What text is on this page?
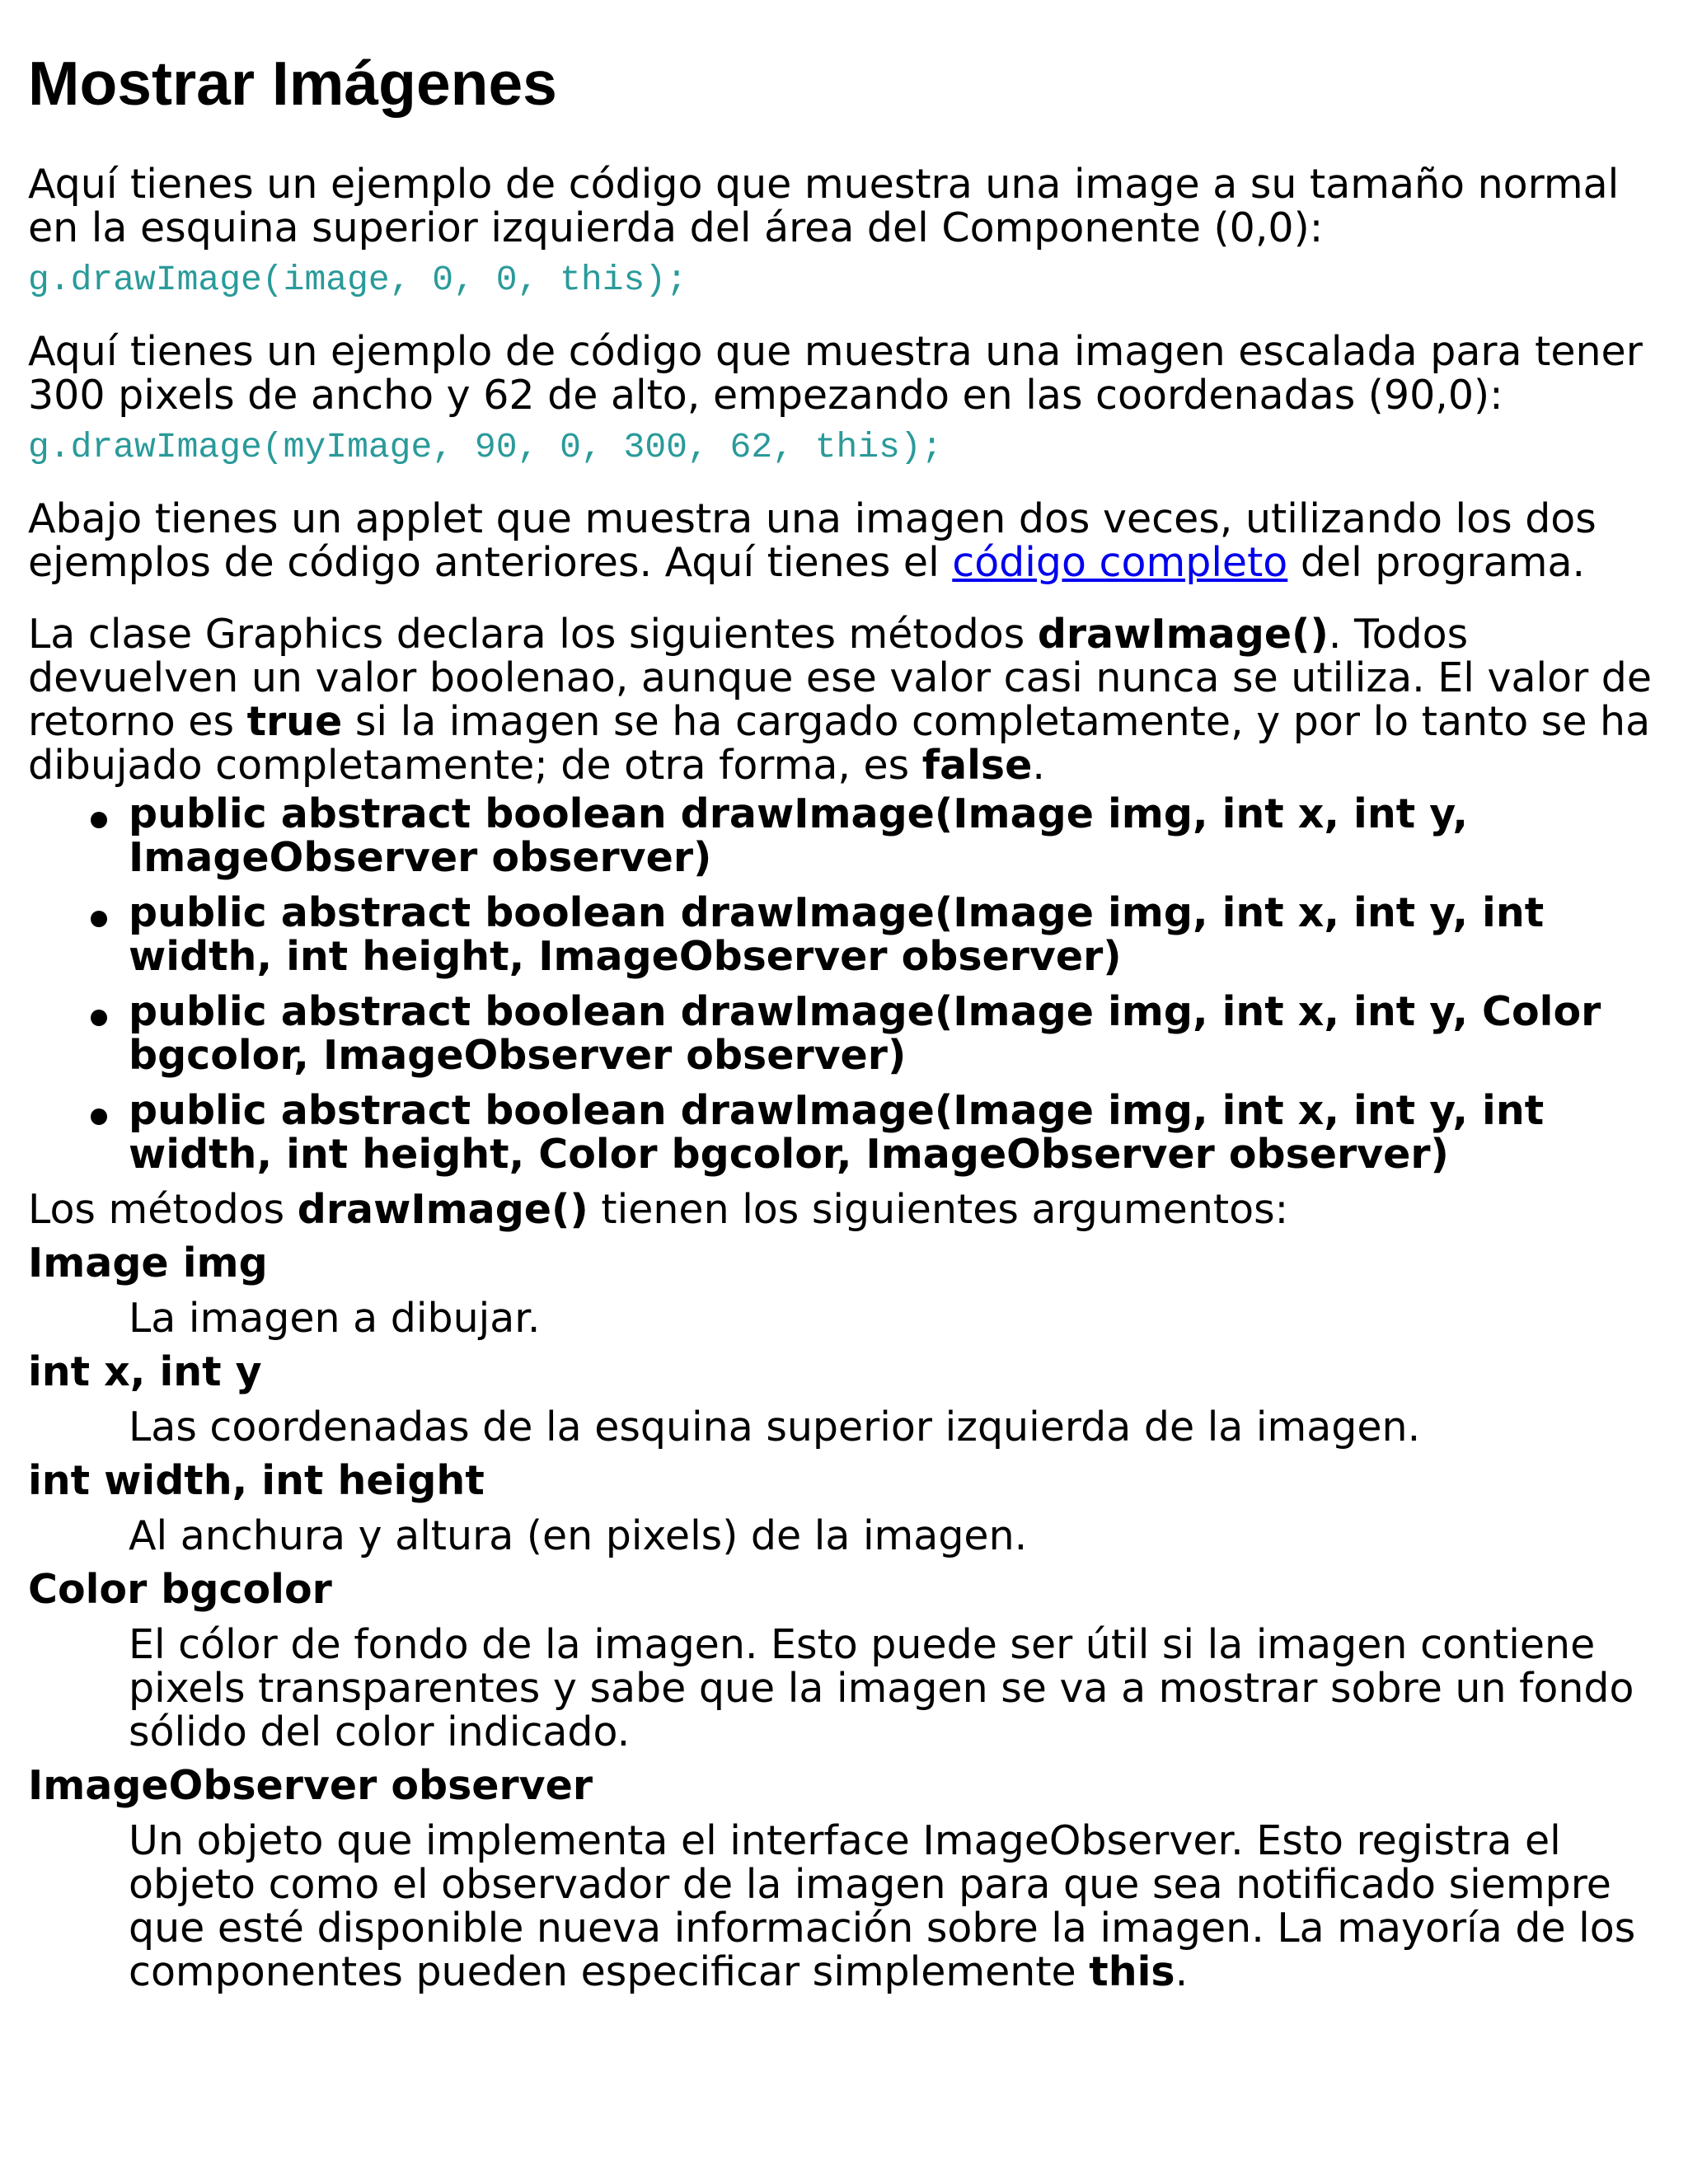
Mostrar Imágenes

Aquí tienes un ejemplo de código que muestra una image a su tamaño normal en la esquina superior izquierda del área del Componente (0,0):

g.drawImage(image, 0, 0, this);

Aquí tienes un ejemplo de código que muestra una imagen escalada para tener 300 pixels de ancho y 62 de alto, empezando en las coordenadas (90,0):

g.drawImage(myImage, 90, 0, 300, 62, this);

Abajo tienes un applet que muestra una imagen dos veces, utilizando los dos ejemplos de código anteriores. Aquí tienes el código completo del programa.

La clase Graphics declara los siguientes métodos drawImage(). Todos devuelven un valor boolenao, aunque ese valor casi nunca se utiliza. El valor de retorno es true si la imagen se ha cargado completamente, y por lo tanto se ha dibujado completamente; de otra forma, es false.

public abstract boolean drawImage(Image img, int x, int y, ImageObserver observer)
public abstract boolean drawImage(Image img, int x, int y, int width, int height, ImageObserver observer)
public abstract boolean drawImage(Image img, int x, int y, Color bgcolor, ImageObserver observer)
public abstract boolean drawImage(Image img, int x, int y, int width, int height, Color bgcolor, ImageObserver observer)

Los métodos drawImage() tienen los siguientes argumentos:

Image img
La imagen a dibujar.
int x, int y
Las coordenadas de la esquina superior izquierda de la imagen.
int width, int height
Al anchura y altura (en pixels) de la imagen.
Color bgcolor
El cólor de fondo de la imagen. Esto puede ser útil si la imagen contiene pixels transparentes y sabe que la imagen se va a mostrar sobre un fondo sólido del color indicado.
ImageObserver observer
Un objeto que implementa el interface ImageObserver. Esto registra el objeto como el observador de la imagen para que sea notificado siempre que esté disponible nueva información sobre la imagen. La mayoría de los componentes pueden especificar simplemente this.
